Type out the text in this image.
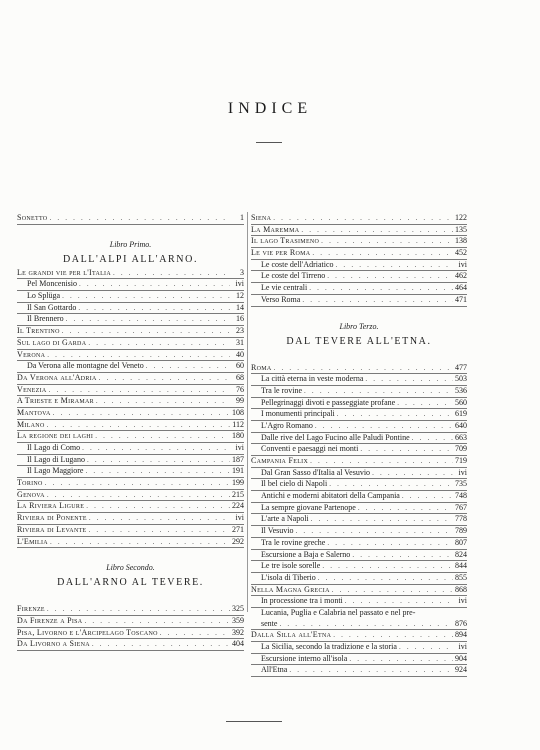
INDICE
Sonetto . . .	1
Libro Primo.
DALL'ALPI ALL'ARNO.
Le grandi vie per l'Italia . . .	3
Pel Moncenisio . . .	ivi
Lo Splüga . . .	12
Il San Gottardo . . .	14
Il Brennero . . .	16
Il Trentino . . .	23
Sul lago di Garda . . .	31
Verona . . .	40
Da Verona alle montagne del Veneto . . .	60
Da Verona all'Adria . . .	68
Venezia . . .	76
A Trieste e Miramar . . .	99
Mantova . . .	108
Milano . . .	112
La regione dei laghi . . .	180
Il Lago di Como . . .	ivi
Il Lago di Lugano . . .	187
Il Lago Maggiore . . .	191
Torino . . .	199
Genova . . .	215
La Riviera Ligure . . .	224
Riviera di Ponente . . .	ivi
Riviera di Levante . . .	271
L'Emilia . . .	292
Libro Secondo.
DALL'ARNO AL TEVERE.
Firenze . . .	325
Da Firenze a Pisa . . .	359
Pisa, Livorno e l'Arcipelago Toscano . . .	392
Da Livorno a Siena . . .	404
Siena . . .	122
La Maremma . . .	135
Il lago Trasimeno . . .	138
Le vie per Roma . . .	452
Le coste dell'Adriatico . . .	ivi
Le coste del Tirreno . . .	462
Le vie centrali . . .	464
Verso Roma . . .	471
Libro Terzo.
DAL TEVERE ALL'ETNA.
Roma . . .	477
La città eterna in veste moderna . . .	503
Tra le rovine . . .	536
Pellegrinaggi divoti e passeggiate profane . . .	560
I monumenti principali . . .	619
L'Agro Romano . . .	640
Dalle rive del Lago Fucino alle Paludi Pontine . . .	663
Conventi e paesaggi nei monti . . .	709
Campania Felix . . .	719
Dal Gran Sasso d'Italia al Vesuvio . . .	ivi
Il bel cielo di Napoli . . .	735
Antichi e moderni abitatori della Campania . . .	748
La sempre giovane Partenope . . .	767
L'arte a Napoli . . .	778
Il Vesuvio . . .	789
Tra le rovine greche . . .	807
Escursione a Baja e Salerno . . .	824
Le tre isole sorelle . . .	844
L'isola di Tiberio . . .	855
Nella Magna Grecia . . .	868
In processione tra i monti . . .	ivi
Lucania, Puglia e Calabria nel passato e nel pre-
sente . . .	876
Dalla Silla all'Etna . . .	894
La Sicilia, secondo la tradizione e la storia . . .	ivi
Escursione interno all'isola . . .	904
All'Etna . . .	924
